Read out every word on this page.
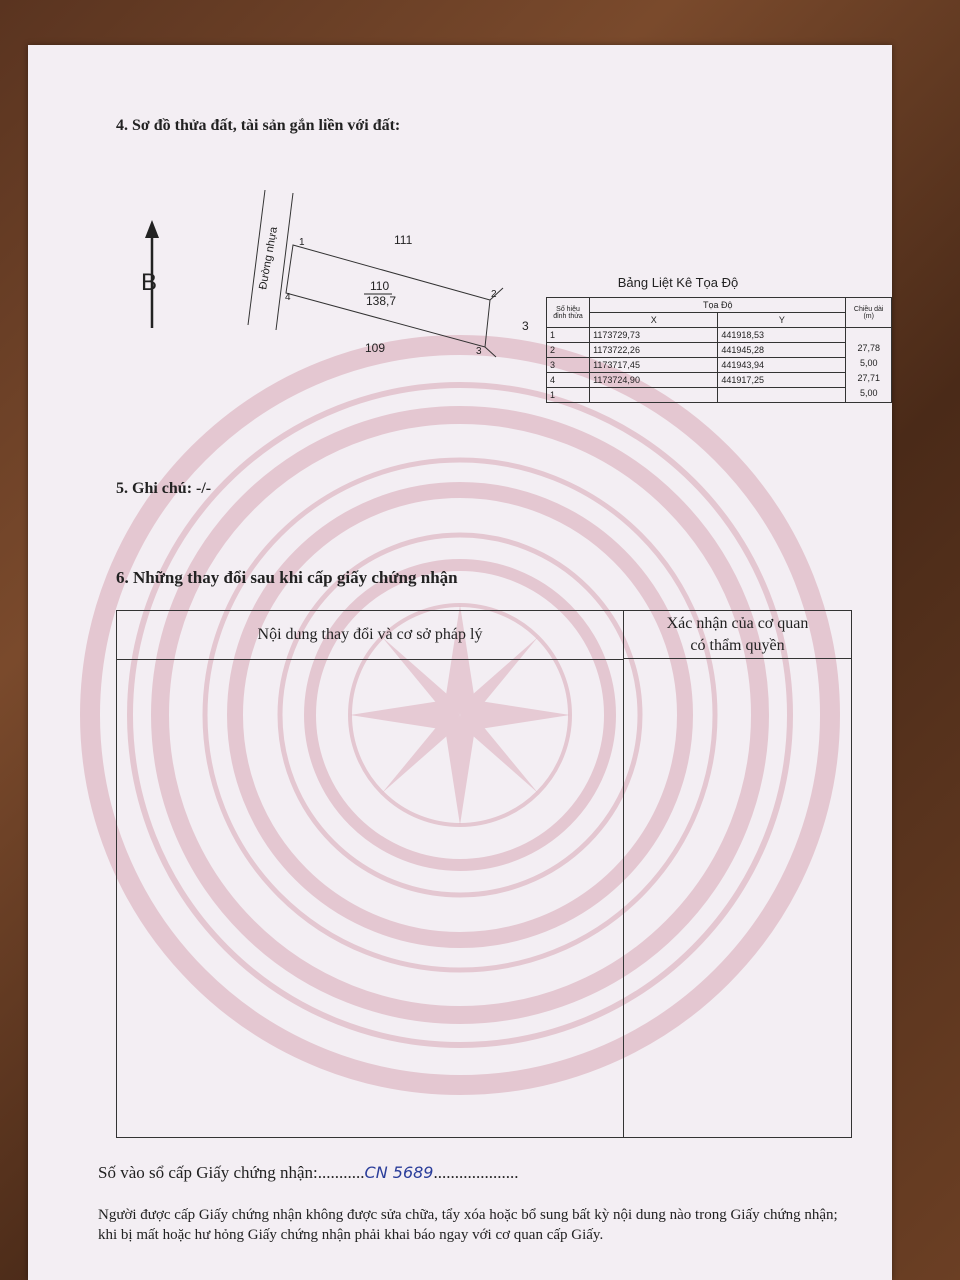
4. Sơ đồ thửa đất, tài sản gắn liền với đất:
B	Đường nhựa 1
2
3
4
110
138,7
111
109
3
Bảng Liệt Kê Tọa Độ
Số hiệu đỉnh thửa	Tọa Độ		Chiều dài (m)
	X	Y	
1	1173729,73	441918,53	
2	1173722,26	441945,28	27,78
3	1173717,45	441943,94	5,00
4	1173724,90	441917,25	27,71
1			5,00
5. Ghi chú: -/-
6. Những thay đổi sau khi cấp giấy chứng nhận
Nội dung thay đổi và cơ sở pháp lý
Xác nhận của cơ quan
có thẩm quyền
Số vào sổ cấp Giấy chứng nhận:...........CN 5689....................
Người được cấp Giấy chứng nhận không được sửa chữa, tẩy xóa hoặc bổ sung bất kỳ nội dung nào trong Giấy chứng nhận; khi bị mất hoặc hư hỏng Giấy chứng nhận phải khai báo ngay với cơ quan cấp Giấy.
